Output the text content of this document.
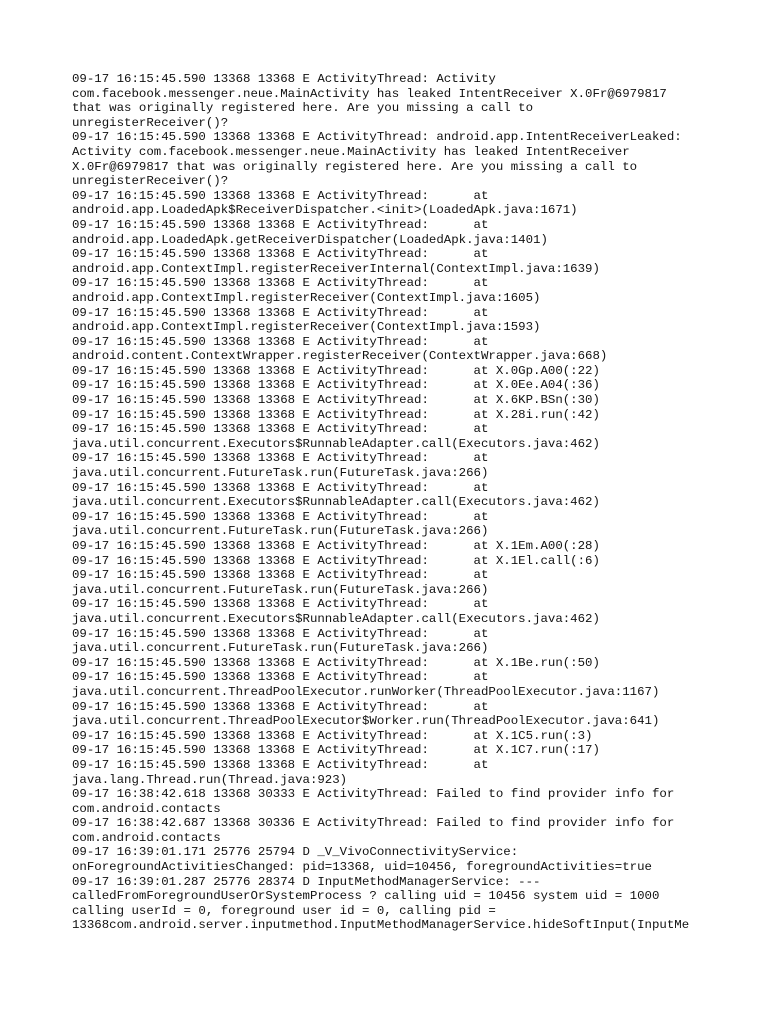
09-17 16:15:45.590 13368 13368 E ActivityThread: Activity
com.facebook.messenger.neue.MainActivity has leaked IntentReceiver X.0Fr@6979817
that was originally registered here. Are you missing a call to
unregisterReceiver()?
09-17 16:15:45.590 13368 13368 E ActivityThread: android.app.IntentReceiverLeaked:
Activity com.facebook.messenger.neue.MainActivity has leaked IntentReceiver
X.0Fr@6979817 that was originally registered here. Are you missing a call to
unregisterReceiver()?
09-17 16:15:45.590 13368 13368 E ActivityThread:      at
android.app.LoadedApk$ReceiverDispatcher.<init>(LoadedApk.java:1671)
09-17 16:15:45.590 13368 13368 E ActivityThread:      at
android.app.LoadedApk.getReceiverDispatcher(LoadedApk.java:1401)
09-17 16:15:45.590 13368 13368 E ActivityThread:      at
android.app.ContextImpl.registerReceiverInternal(ContextImpl.java:1639)
09-17 16:15:45.590 13368 13368 E ActivityThread:      at
android.app.ContextImpl.registerReceiver(ContextImpl.java:1605)
09-17 16:15:45.590 13368 13368 E ActivityThread:      at
android.app.ContextImpl.registerReceiver(ContextImpl.java:1593)
09-17 16:15:45.590 13368 13368 E ActivityThread:      at
android.content.ContextWrapper.registerReceiver(ContextWrapper.java:668)
09-17 16:15:45.590 13368 13368 E ActivityThread:      at X.0Gp.A00(:22)
09-17 16:15:45.590 13368 13368 E ActivityThread:      at X.0Ee.A04(:36)
09-17 16:15:45.590 13368 13368 E ActivityThread:      at X.6KP.BSn(:30)
09-17 16:15:45.590 13368 13368 E ActivityThread:      at X.28i.run(:42)
09-17 16:15:45.590 13368 13368 E ActivityThread:      at
java.util.concurrent.Executors$RunnableAdapter.call(Executors.java:462)
09-17 16:15:45.590 13368 13368 E ActivityThread:      at
java.util.concurrent.FutureTask.run(FutureTask.java:266)
09-17 16:15:45.590 13368 13368 E ActivityThread:      at
java.util.concurrent.Executors$RunnableAdapter.call(Executors.java:462)
09-17 16:15:45.590 13368 13368 E ActivityThread:      at
java.util.concurrent.FutureTask.run(FutureTask.java:266)
09-17 16:15:45.590 13368 13368 E ActivityThread:      at X.1Em.A00(:28)
09-17 16:15:45.590 13368 13368 E ActivityThread:      at X.1El.call(:6)
09-17 16:15:45.590 13368 13368 E ActivityThread:      at
java.util.concurrent.FutureTask.run(FutureTask.java:266)
09-17 16:15:45.590 13368 13368 E ActivityThread:      at
java.util.concurrent.Executors$RunnableAdapter.call(Executors.java:462)
09-17 16:15:45.590 13368 13368 E ActivityThread:      at
java.util.concurrent.FutureTask.run(FutureTask.java:266)
09-17 16:15:45.590 13368 13368 E ActivityThread:      at X.1Be.run(:50)
09-17 16:15:45.590 13368 13368 E ActivityThread:      at
java.util.concurrent.ThreadPoolExecutor.runWorker(ThreadPoolExecutor.java:1167)
09-17 16:15:45.590 13368 13368 E ActivityThread:      at
java.util.concurrent.ThreadPoolExecutor$Worker.run(ThreadPoolExecutor.java:641)
09-17 16:15:45.590 13368 13368 E ActivityThread:      at X.1C5.run(:3)
09-17 16:15:45.590 13368 13368 E ActivityThread:      at X.1C7.run(:17)
09-17 16:15:45.590 13368 13368 E ActivityThread:      at
java.lang.Thread.run(Thread.java:923)
09-17 16:38:42.618 13368 30333 E ActivityThread: Failed to find provider info for
com.android.contacts
09-17 16:38:42.687 13368 30336 E ActivityThread: Failed to find provider info for
com.android.contacts
09-17 16:39:01.171 25776 25794 D _V_VivoConnectivityService:
onForegroundActivitiesChanged: pid=13368, uid=10456, foregroundActivities=true
09-17 16:39:01.287 25776 28374 D InputMethodManagerService: ---
calledFromForegroundUserOrSystemProcess ? calling uid = 10456 system uid = 1000
calling userId = 0, foreground user id = 0, calling pid =
13368com.android.server.inputmethod.InputMethodManagerService.hideSoftInput(InputMe
